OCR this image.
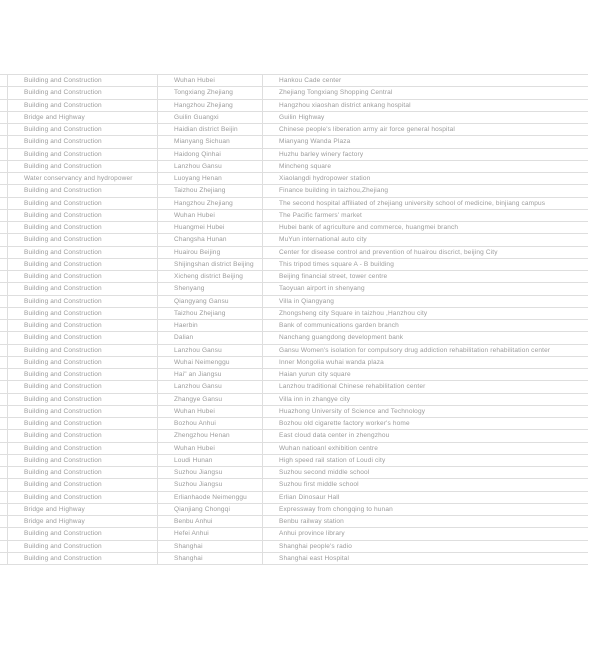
Building and Construction	Wuhan Hubei	Hankou Cade center
Building and Construction	Tongxiang Zhejiang	Zhejiang Tongxiang Shopping Central
Building and Construction	Hangzhou Zhejiang	Hangzhou xiaoshan district ankang hospital
Bridge and Highway	Guilin Guangxi	Guilin Highway
Building and Construction	Haidian district Beijin	Chinese people's liberation army air force general hospital
Building and Construction	Mianyang Sichuan	Mianyang Wanda Plaza
Building and Construction	Haidong Qinhai	Huzhu barley winery factory
Building and Construction	Lanzhou Gansu	Mincheng square
Water conservancy and hydropower	Luoyang Henan	Xiaolangdi hydropower station
Building and Construction	Taizhou Zhejiang	Finance building in taizhou,Zhejiang
Building and Construction	Hangzhou Zhejiang	The second hospital affiliated of zhejiang university school of medicine, binjiang campus
Building and Construction	Wuhan Hubei	The Pacific farmers' market
Building and Construction	Huangmei Hubei	Hubei bank of agriculture and commerce, huangmei branch
Building and Construction	Changsha Hunan	MuYun international auto city
Building and Construction	Huairou Beijing	Center for disease control and prevention of huairou discrict, beijing City
Building and Construction	Shijingshan district Beijing	This tripod times square A - B building
Building and Construction	Xicheng district Beijing	Beijing financial street, tower centre
Building and Construction	Shenyang	Taoyuan airport in shenyang
Building and Construction	Qiangyang Gansu	Villa in Qiangyang
Building and Construction	Taizhou Zhejiang	Zhongsheng city Square in taizhou ,Hanzhou city
Building and Construction	Haerbin	Bank of communications garden branch
Building and Construction	Dalian	Nanchang guangdong development bank
Building and Construction	Lanzhou Gansu	Gansu Women's isolation for compulsory drug addiction rehabilitation rehabilitation center
Building and Construction	Wuhai Neimenggu	Inner Mongolia wuhai wanda plaza
Building and Construction	Hai" an Jiangsu	Haian yurun city square
Building and Construction	Lanzhou Gansu	Lanzhou traditional Chinese rehabilitation center
Building and Construction	Zhangye Gansu	Villa inn in zhangye city
Building and Construction	Wuhan Hubei	Huazhong University of Science and Technology
Building and Construction	Bozhou Anhui	Bozhou old cigarette factory worker's home
Building and Construction	Zhengzhou Henan	East cloud data center in zhengzhou
Building and Construction	Wuhan Hubei	Wuhan natioanl exhibition centre
Building and Construction	Loudi Hunan	High speed rail station of Loudi city
Building and Construction	Suzhou Jiangsu	Suzhou second middle school
Building and Construction	Suzhou Jiangsu	Suzhou first middle school
Building and Construction	Erlianhaode Neimenggu	Erlian Dinosaur Hall
Bridge and Highway	Qianjiang Chongqi	Expressway from chongqing to hunan
Bridge and Highway	Benbu Anhui	Benbu railway station
Building and Construction	Hefei Anhui	Anhui province library
Building and Construction	Shanghai	Shanghai people's radio
Building and Construction	Shanghai	Shanghai east Hospital
